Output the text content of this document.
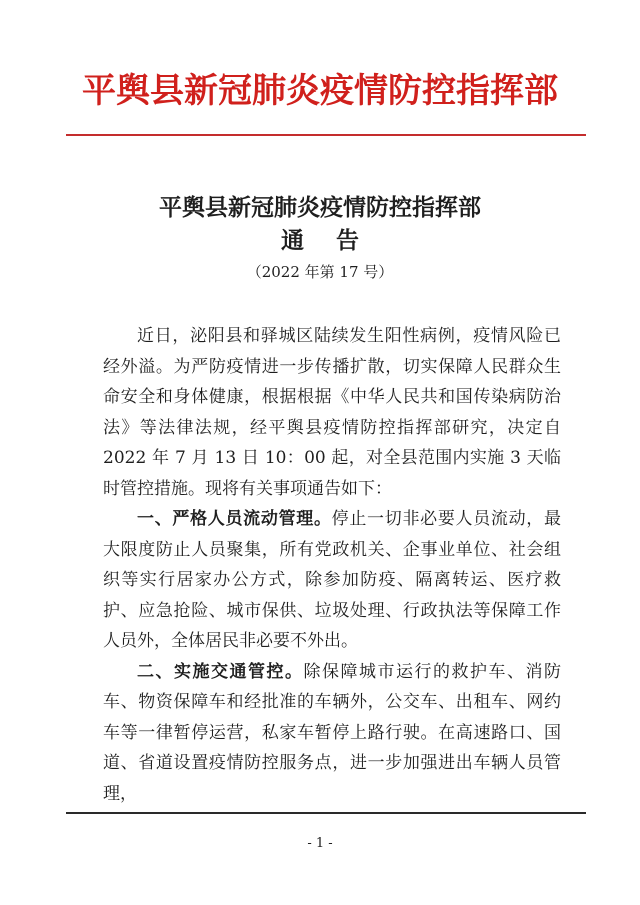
平舆县新冠肺炎疫情防控指挥部
平舆县新冠肺炎疫情防控指挥部
通    告
（2022 年第 17 号）

近日，泌阳县和驿城区陆续发生阳性病例，疫情风险已经外溢。为严防疫情进一步传播扩散，切实保障人民群众生命安全和身体健康，根据根据《中华人民共和国传染病防治法》等法律法规，经平舆县疫情防控指挥部研究，决定自 2022 年 7 月 13 日 10：00 起，对全县范围内实施 3 天临时管控措施。现将有关事项通告如下：

一、严格人员流动管理。停止一切非必要人员流动，最大限度防止人员聚集，所有党政机关、企事业单位、社会组织等实行居家办公方式，除参加防疫、隔离转运、医疗救护、应急抢险、城市保供、垃圾处理、行政执法等保障工作人员外，全体居民非必要不外出。

二、实施交通管控。除保障城市运行的救护车、消防车、物资保障车和经批准的车辆外，公交车、出租车、网约车等一律暂停运营，私家车暂停上路行驶。在高速路口、国道、省道设置疫情防控服务点，进一步加强进出车辆人员管理，

- 1 -
